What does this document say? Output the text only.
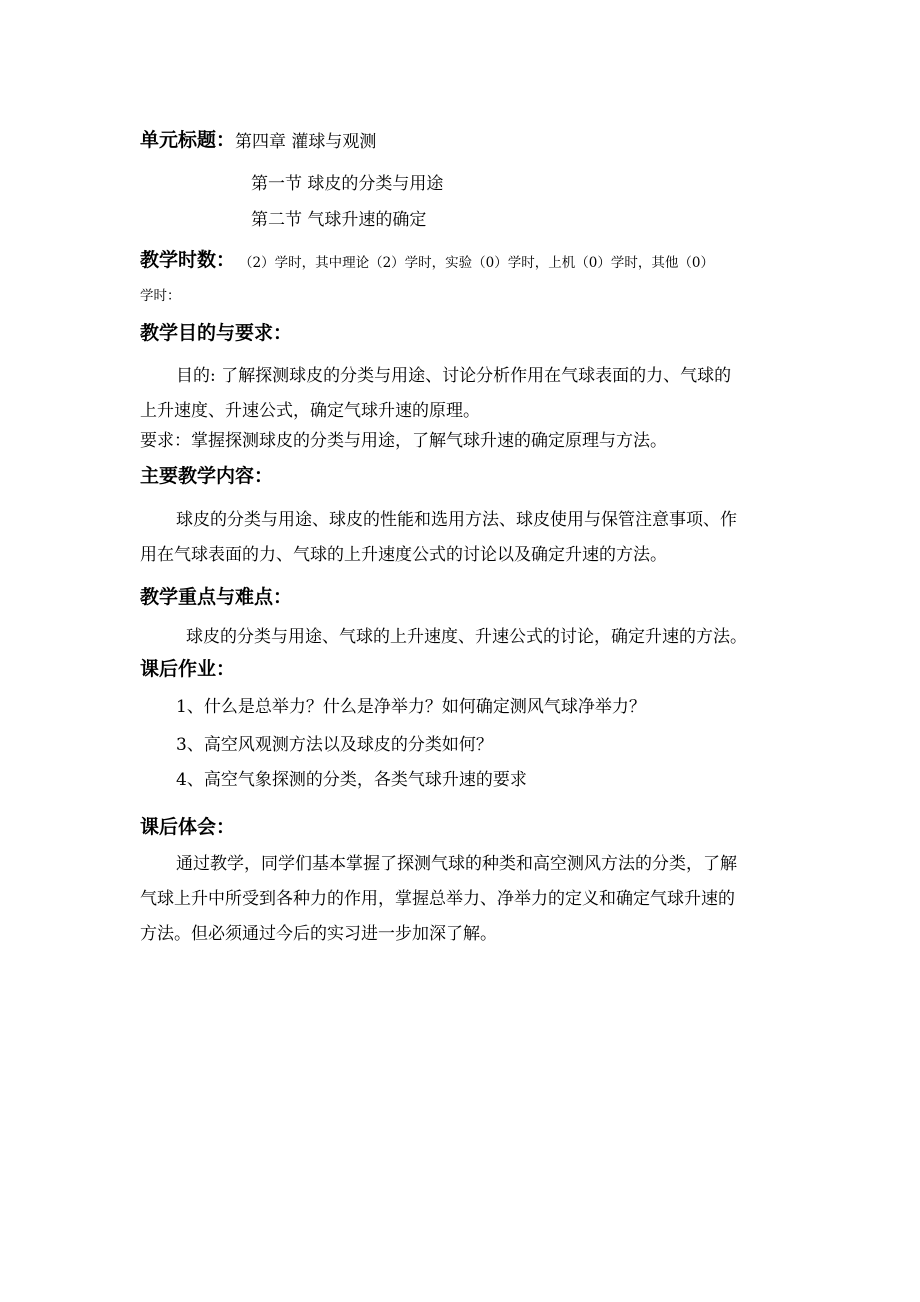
单元标题： 第四章 灌球与观测
第一节 球皮的分类与用途
第二节 气球升速的确定
教学时数： （2）学时，其中理论（2）学时，实验（0）学时，上机（0）学时，其他（0）
学时：
教学目的与要求：
目的: 了解探测球皮的分类与用途、讨论分析作用在气球表面的力、气球的
上升速度、升速公式，确定气球升速的原理。
要求：掌握探测球皮的分类与用途，了解气球升速的确定原理与方法。
主要教学内容：
球皮的分类与用途、球皮的性能和选用方法、球皮使用与保管注意事项、作
用在气球表面的力、气球的上升速度公式的讨论以及确定升速的方法。
教学重点与难点：
球皮的分类与用途、气球的上升速度、升速公式的讨论，确定升速的方法。
课后作业：
1、什么是总举力？什么是净举力？如何确定测风气球净举力？
3、高空风观测方法以及球皮的分类如何？
4、高空气象探测的分类，各类气球升速的要求
课后体会：
通过教学，同学们基本掌握了探测气球的种类和高空测风方法的分类，了解
气球上升中所受到各种力的作用，掌握总举力、净举力的定义和确定气球升速的
方法。但必须通过今后的实习进一步加深了解。
